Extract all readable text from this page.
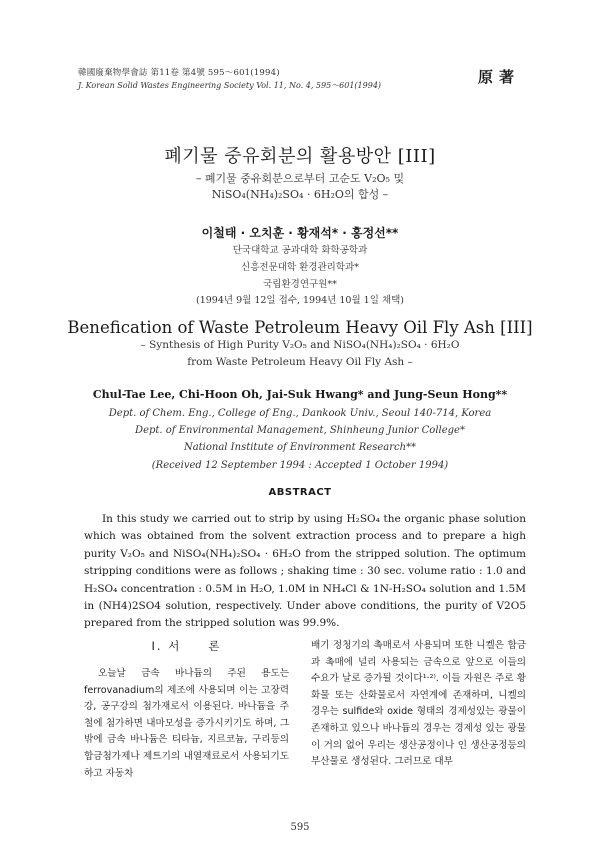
韓國廢棄物學會誌 第11卷 第4號 595～601(1994)
J. Korean Solid Wastes Engineering Society Vol. 11, No. 4, 595～601(1994)	原著
폐기물 중유회분의 활용방안 [III]
– 폐기물 중유회분으로부터 고순도 V₂O₅ 및
NiSO₄(NH₄)₂SO₄ · 6H₂O의 합성 –
이철태 · 오치훈 · 황재석* · 홍정선**
단국대학교 공과대학 화학공학과
신흥전문대학 환경관리학과*
국립환경연구원**
(1994년 9월 12일 접수, 1994년 10월 1일 채택)
Benefication of Waste Petroleum Heavy Oil Fly Ash [III]
– Synthesis of High Purity V₂O₅ and NiSO₄(NH₄)₂SO₄ · 6H₂O
from Waste Petroleum Heavy Oil Fly Ash –
Chul-Tae Lee, Chi-Hoon Oh, Jai-Suk Hwang* and Jung-Seun Hong**
Dept. of Chem. Eng., College of Eng., Dankook Univ., Seoul 140-714, Korea
Dept. of Environmental Management, Shinheung Junior College*
National Institute of Environment Research**
(Received 12 September 1994 : Accepted 1 October 1994)
ABSTRACT
In this study we carried out to strip by using H₂SO₄ the organic phase solution which was obtained from the solvent extraction process and to prepare a high purity V₂O₅ and NiSO₄(NH₄)₂SO₄ · 6H₂O from the stripped solution. The optimum stripping conditions were as follows ; shaking time : 30 sec. volume ratio : 1.0 and H₂SO₄ concentration : 0.5M in H₂O, 1.0M in NH₄Cl & 1N-H₂SO₄ solution and 1.5M in (NH4)2SO4 solution, respectively. Under above conditions, the purity of V2O5 prepared from the stripped solution was 99.9%.
I. 서　　론
오늘날 금속 바나듐의 주된 용도는 ferrovanadium의 제조에 사용되며 이는 고장력강, 공구강의 첨가재로서 이용된다. 바나듐을 주철에 첨가하면 내마모성을 증가시키기도 하며, 그밖에 금속 바나듐은 티타늄, 지르코늄, 구리등의 합금첨가제나 제트기의 내열재료로서 사용되기도 하고 자동차
배기 정청기의 촉매로서 사용되며 또한 니켈은 합금과 촉매에 널리 사용되는 금속으로 앞으로 이들의 수요가 날로 증가될 것이다¹·²⁾. 이들 자원은 주로 황화물 또는 산화물로서 자연계에 존재하며, 니켈의 경우는 sulfide와 oxide 형태의 경제성있는 광물이 존재하고 있으나 바나듐의 경우는 경제성 있는 광물이 거의 없어 우리는 생산공정이나 인 생산공정등의 부산물로 생성된다. 그러므로 대부
595
